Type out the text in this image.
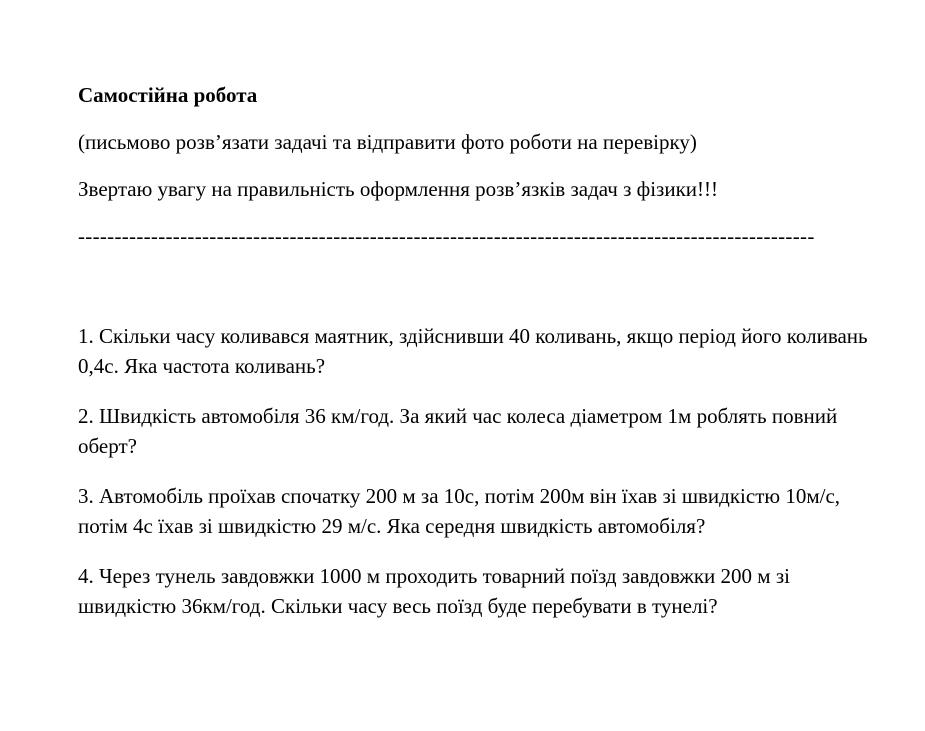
Самостійна робота
(письмово розв’язати задачі та відправити фото роботи на перевірку)
Звертаю увагу на правильність оформлення розв’язків задач з фізики!!!
-----------------------------------------------------------------------------------------------------
1. Скільки часу коливався маятник, здійснивши 40 коливань, якщо період його коливань 0,4с. Яка частота коливань?
2. Швидкість автомобіля 36 км/год. За який час колеса діаметром 1м роблять повний оберт?
3. Автомобіль проїхав спочатку 200 м за 10с, потім 200м він їхав зі швидкістю 10м/с, потім 4с їхав зі швидкістю 29 м/с. Яка середня швидкість автомобіля?
4. Через тунель завдовжки 1000 м проходить товарний поїзд завдовжки 200 м зі швидкістю 36км/год. Скільки часу весь поїзд буде перебувати в тунелі?
